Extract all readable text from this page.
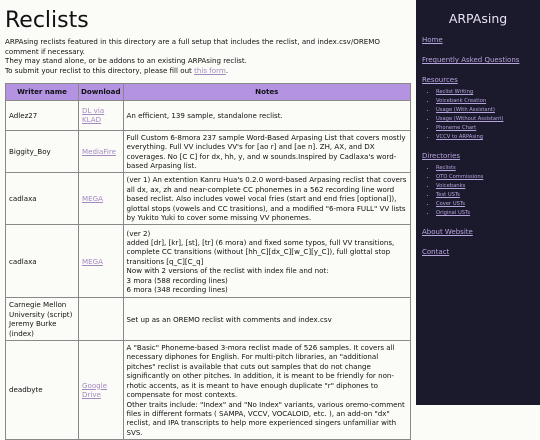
Reclists

ARPAsing reclists featured in this directory are a full setup that includes the reclist, and index.csv/OREMO comment if necessary.

They may stand alone, or be addons to an existing ARPAsing reclist.

To submit your reclist to this directory, please fill out this form.

Writer name	Download	Notes
Adlez27	DL via KLAD	An efficient, 139 sample, standalone reclist.
Biggity_Boy	MediaFire	Full Custom 6-8mora 237 sample Word-Based Arpasing List that covers mostly everything. Full VV includes VV's for [ao r] and [ae n]. ZH, AX, and DX coverages. No [C C] for dx, hh, y, and w sounds.Inspired by Cadlaxa's word-based Arpasing list.
cadlaxa	MEGA	(ver 1) An extention Kanru Hua's 0.2.0 word-based Arpasing reclist that covers all dx, ax, zh and near-complete CC phonemes in a 562 recording line word based reclist. Also includes vowel vocal fries (start and end fries [optional]), glottal stops (vowels and CC trasitions), and a modified "6-mora FULL" VV lists by Yukito Yuki to cover some missing VV phonemes.
cadlaxa	MEGA	(ver 2)
added [dr], [kr], [st], [tr] (6 mora) and fixed some typos, full VV transitions, complete CC transitions (without [hh_C][dx_C][w_C][y_C]), full glottal stop transitions [q_C][C_q]
Now with 2 versions of the reclist with index file and not:
3 mora (588 recording lines)
6 mora (348 recording lines)

Carnegie Mellon University (script) Jeremy Burke (index)		Set up as an OREMO reclist with comments and index.csv
deadbyte	Google Drive	A "Basic" Phoneme-based 3-mora reclist made of 526 samples. It covers all necessary diphones for English. For multi-pitch libraries, an "additional pitches" reclist is available that cuts out samples that do not change significantly on other pitches. In addition, it is meant to be friendly for non-rhotic accents, as it is meant to have enough duplicate "r" diphones to compensate for most contexts.
Other traits include: "Index" and "No Index" variants, various oremo-comment files in different formats ( SAMPA, VCCV, VOCALOID, etc. ), an add-on "dx" reclist, and IPA transcripts to help more experienced singers unfamiliar with SVS.
ARPAsing
Home
Frequently Asked Questions
Resources
• Reclist Writing
• Voicebank Creation
• Usage (With Assistant)
• Usage (Without Assistant)
• Phoneme Chart
• VCCV to ARPAsing
Directories
• Reclists
• OTO Commissions
• Voicebanks
• Test USTs
• Cover USTs
• Original USTs
About Website
Contact
